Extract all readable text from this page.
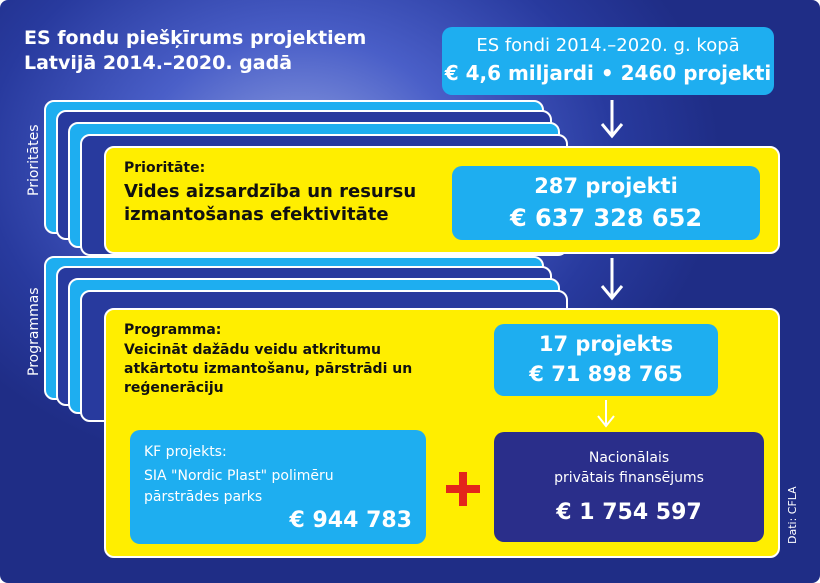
ES fondu piešķīrums projektiem
Latvijā 2014.–2020. gadā
ES fondi 2014.–2020. g. kopā
€ 4,6 miljardi • 2460 projekti
Prioritātes	Prioritāte:
Vides aizsardzība un resursu
izmantošanas efektivitāte
287 projekti
€ 637 328 652
Programmas	Programma:
Veicināt dažādu veidu atkritumu
atkārtotu izmantošanu, pārstrādi un
reģenerāciju
17 projekts
€ 71 898 765
KF projekts:
SIA "Nordic Plast" polimēru
pārstrādes parks
€ 944 783
Nacionālais
privātais finansējums
€ 1 754 597	Dati: CFLA
